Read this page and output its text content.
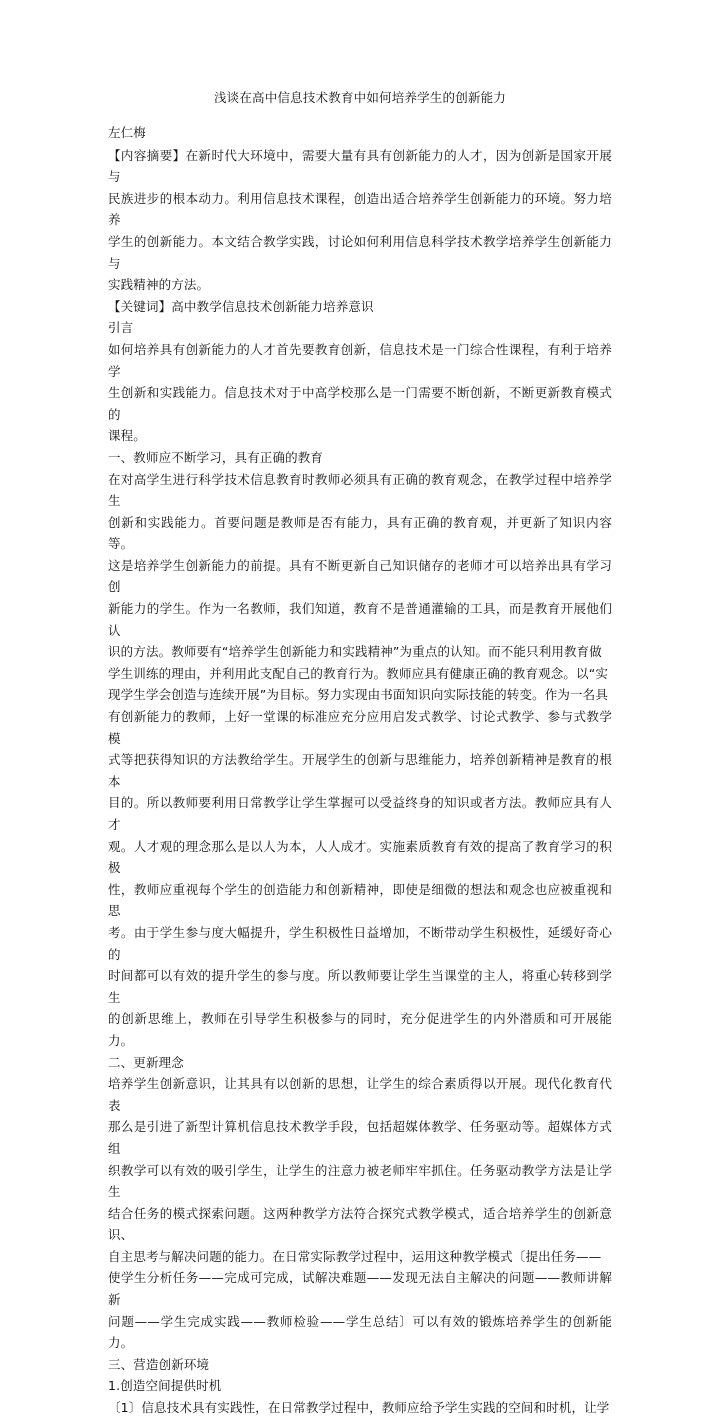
浅谈在高中信息技术教育中如何培养学生的创新能力

左仁梅

【内容摘要】在新时代大环境中，需要大量有具有创新能力的人才，因为创新是国家开展与

民族进步的根本动力。利用信息技术课程，创造出适合培养学生创新能力的环境。努力培养

学生的创新能力。本文结合教学实践，讨论如何利用信息科学技术教学培养学生创新能力与

实践精神的方法。

【关键词】高中教学信息技术创新能力培养意识

引言

如何培养具有创新能力的人才首先要教育创新，信息技术是一门综合性课程，有利于培养学

生创新和实践能力。信息技术对于中高学校那么是一门需要不断创新，不断更新教育模式的

课程。

一、教师应不断学习，具有正确的教育

在对高学生进行科学技术信息教育时教师必须具有正确的教育观念，在教学过程中培养学生

创新和实践能力。首要问题是教师是否有能力，具有正确的教育观，并更新了知识内容等。

这是培养学生创新能力的前提。具有不断更新自己知识储存的老师才可以培养出具有学习创

新能力的学生。作为一名教师，我们知道，教育不是普通灌输的工具，而是教育开展他们认

识的方法。教师要有“培养学生创新能力和实践精神”为重点的认知。而不能只利用教育做

学生训练的理由，并利用此支配自己的教育行为。教师应具有健康正确的教育观念。以“实

现学生学会创造与连续开展”为目标。努力实现由书面知识向实际技能的转变。作为一名具

有创新能力的教师，上好一堂课的标准应充分应用启发式教学、讨论式教学、参与式教学模

式等把获得知识的方法教给学生。开展学生的创新与思维能力，培养创新精神是教育的根本

目的。所以教师要利用日常教学让学生掌握可以受益终身的知识或者方法。教师应具有人才

观。人才观的理念那么是以人为本，人人成才。实施素质教育有效的提高了教育学习的积极

性，教师应重视每个学生的创造能力和创新精神，即使是细微的想法和观念也应被重视和思

考。由于学生参与度大幅提升，学生积极性日益增加，不断带动学生积极性，延缓好奇心的

时间都可以有效的提升学生的参与度。所以教师要让学生当课堂的主人，将重心转移到学生

的创新思维上，教师在引导学生积极参与的同时，充分促进学生的内外潜质和可开展能力。

二、更新理念

培养学生创新意识，让其具有以创新的思想，让学生的综合素质得以开展。现代化教育代表

那么是引进了新型计算机信息技术教学手段，包括超媒体教学、任务驱动等。超媒体方式组

织教学可以有效的吸引学生，让学生的注意力被老师牢牢抓住。任务驱动教学方法是让学生

结合任务的模式探索问题。这两种教学方法符合探究式教学模式，适合培养学生的创新意识、

自主思考与解决问题的能力。在日常实际教学过程中，运用这种教学模式〔提出任务——

使学生分析任务——完成可完成，试解决难题——发现无法自主解决的问题——教师讲解新

问题——学生完成实践——教师检验——学生总结〕可以有效的锻炼培养学生的创新能力。

三、营造创新环境

1.创造空间提供时机

〔1〕信息技术具有实践性，在日常教学过程中，教师应给予学生实践的空间和时机，让学
